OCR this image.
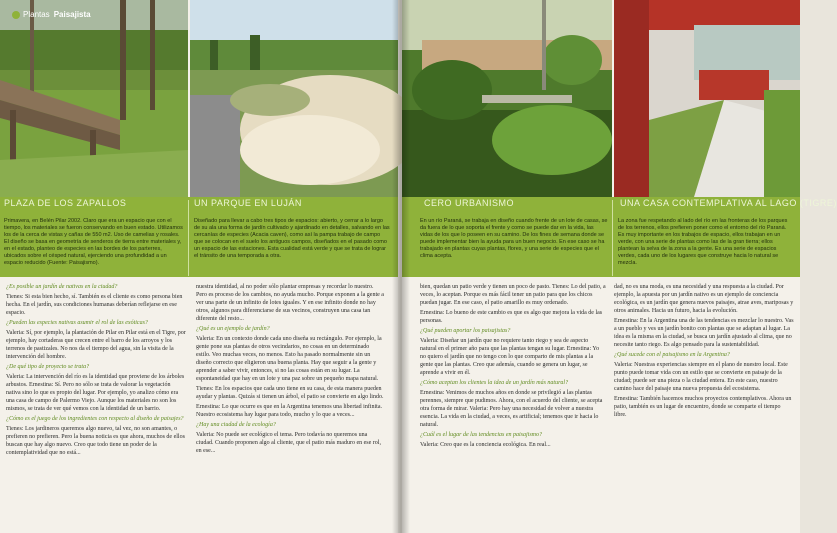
Plantas Paisajista
PLAZA DE LOS ZAPALLOS	UN PARQUE EN LUJÁN
Primavera, en Belén Pilar 2002. Claro que era un espacio que con el tiempo, los materiales se fueron conservando en buen estado. Utilizamos los de la cerca de vistas y cañas de 550 m2. Uso de camelias y rosales. El diseño se basa en geometría de senderos de tierra entre materiales y, en el estado, planteo de especies en las bordes de los parterres, ubicados sobre el césped natural, ejerciendo una profundidad a un espacio reducido (Fuente: Paisajismo).
Diseñado para llevar a cabo tres tipos de espacios: abierto, y cerrar a lo largo de su ala una forma de jardín cultivado y ajardinado en detalles, salvando en las cercanías de especies (Acacia caven), como así la pampa trabajo de campo que se colocan en el suelo los antiguos campos, diseñados en el pasado como un espacio de las estaciones. Esta cualidad está verde y que se trata de lograr el tránsito de una temporada a otra.

¿Es posible un jardín de nativas en la ciudad?

Tienes: Si esta bien hecho, sí. También es el cliente es como persona bien hecha. En el jardín, sus condiciones humanas deberían reflejarse en ese espacio.

¿Pueden las especies nativas asumir el rol de las exóticas?

Valeria: Sí, por ejemplo, la plantación de Pilar en Pilar está en el Tigre, por ejemplo, hay cortaderas que crecen entre el barro de los arroyos y los terrenos de pastizales. No nos da el tiempo del agua, sin la visita de la intervención del hombre.

¿De qué tipo de proyecto se trata?

Valeria: La intervención del río es la identidad que proviene de los árboles arbustos. Ernestina: Sí. Pero no sólo se trata de valorar la vegetación nativa sino lo que es propio del lugar. Por ejemplo, yo analizo cómo era una casa de campo de Palermo Viejo. Aunque los materiales no son los mismos, se trata de ver qué vemos con la identidad de un barrio.

¿Cómo es el juego de los ingredientes con respecto al diseño de paisajes?

Tienes: Los jardineros queremos algo nuevo, tal vez, no son amantes, o prefieren no prefieren. Pero la buena noticia es que ahora, muchos de ellos buscan que hay algo nuevo. Creo que todo tiene un poder de la contemplatividad que no está...

nuestra identidad, al no poder sólo plantar empresas y recordar lo nuestro. Pero es proceso de los cambios, no ayuda mucho. Porque exponen a la gente a ver una parte de un infinito de lotes iguales. Y en ese infinito donde no hay otros, algunos para diferenciarse de sus vecinos, construyen una casa tan diferente del resto...

¿Qué es un ejemplo de jardín?

Valeria: En un contexto donde cada uno diseña su rectángulo. Por ejemplo, la gente pone sus plantas de otros vecindarios, no cosas en un determinado estilo. Veo muchas veces, no menos. Esto ha pasado normalmente sin un diseño correcto que eligieron una buena planta. Hay que seguir a la gente y aprender a saber vivir, entonces, si no las cosas están en su lugar. La espontaneidad que hay en un lote y una paz sobre un pequeño mapa natural.

Tienes: En los espacios que cada uno tiene en su casa, de esta manera pueden ayudar y plantas. Quizás si tienen un árbol, el patio se convierte en algo lindo.

Ernestina: Lo que ocurre es que en la Argentina tenemos una libertad infinita. Nuestro ecosistema hay lugar para todo, mucho y lo que a veces...

¿Hay una ciudad de la ecología?

Valeria: No puede ser ecológico el tema. Pero todavía no queremos una ciudad. Cuando proponen algo al cliente, que el patio más maduro en ese rol, en ese...

CERO URBANISMO	UNA CASA CONTEMPLATIVA AL LAGO (TIGRE)
En un río Paraná, se trabaja en diseño cuando frente de un lote de casas, se da fuera de lo que soporta el frente y como se puede dar en la vida, las vidas de los que lo poseen en su camino. De los fines de semana donde se puede implementar bien la ayuda para un buen negocio. En ese caso se ha trabajado en plantas cuyas plantas, flores, y una serie de especies que el clima acepta.
La zona fue respetando al lado del río en las fronteras de los parques de los terrenos, ellos prefieren poner como el entorno del río Paraná. Es muy importante en los trabajos de espacio, ellos trabajan en un verde, con una serie de plantas como las de la gran tierra; ellos plantean la selva de la zona a la gente. Es una serie de espacios verdes, cada uno de los lugares que construye hacia lo natural se mezcla.

bien, quedan un patio verde y tienen un poco de pasto. Tienes: Lo del patio, a veces, lo aceptan. Porque es más fácil tener un patio para que los chicos puedan jugar. En ese caso, el patio amarillo es muy ordenado.

Ernestina: Lo bueno de este cambio es que es algo que mejora la vida de las personas.

¿Qué pueden aportar los paisajistas?

Valeria: Diseñar un jardín que no requiere tanto riego y sea de aspecto natural en el primer año para que las plantas tengan su lugar. Ernestina: Yo no quiero el jardín que no tengo con lo que comparto de mis plantas a la gente que las plantas. Creo que además, cuando se genera un lugar, se aprende a vivir en él.

¿Cómo aceptan los clientes la idea de un jardín más natural?

Ernestina: Venimos de muchos años en donde se privilegió a las plantas perennes, siempre que pudimos. Ahora, con el acuerdo del cliente, se acepta otra forma de mirar. Valeria: Pero hay una necesidad de volver a nuestra esencia. La vida en la ciudad, a veces, es artificial; tenemos que ir hacia lo natural.

¿Cuál es el lugar de las tendencias en paisajismo?

Valeria: Creo que es la conciencia ecológica. En real...

dad, no es una moda, es una necesidad y una respuesta a la ciudad. Por ejemplo, la apuesta por un jardín nativo es un ejemplo de conciencia ecológica, es un jardín que genera nuevos paisajes, atrae aves, mariposas y otros animales. Hacia un futuro, hacia la evolución.

Ernestina: En la Argentina una de las tendencias es mezclar lo nuestro. Vas a un pueblo y ves un jardín bonito con plantas que se adaptan al lugar. La idea es la misma en la ciudad, se busca un jardín ajustado al clima, que no necesite tanto riego. Es algo pensado para la sustentabilidad.

¿Qué sucede con el paisajismo en la Argentina?

Valeria: Nuestras experiencias siempre en el plano de nuestro local. Este punto puede tomar vida con un estilo que se convierte en paisaje de la ciudad; puede ser una pieza o la ciudad entera. En este caso, nuestro camino hace del paisaje una nueva propuesta del ecosistema.

Ernestina: También hacemos muchos proyectos contemplativos. Ahora un patio, también es un lugar de encuentro, donde se comparte el tiempo libre.
